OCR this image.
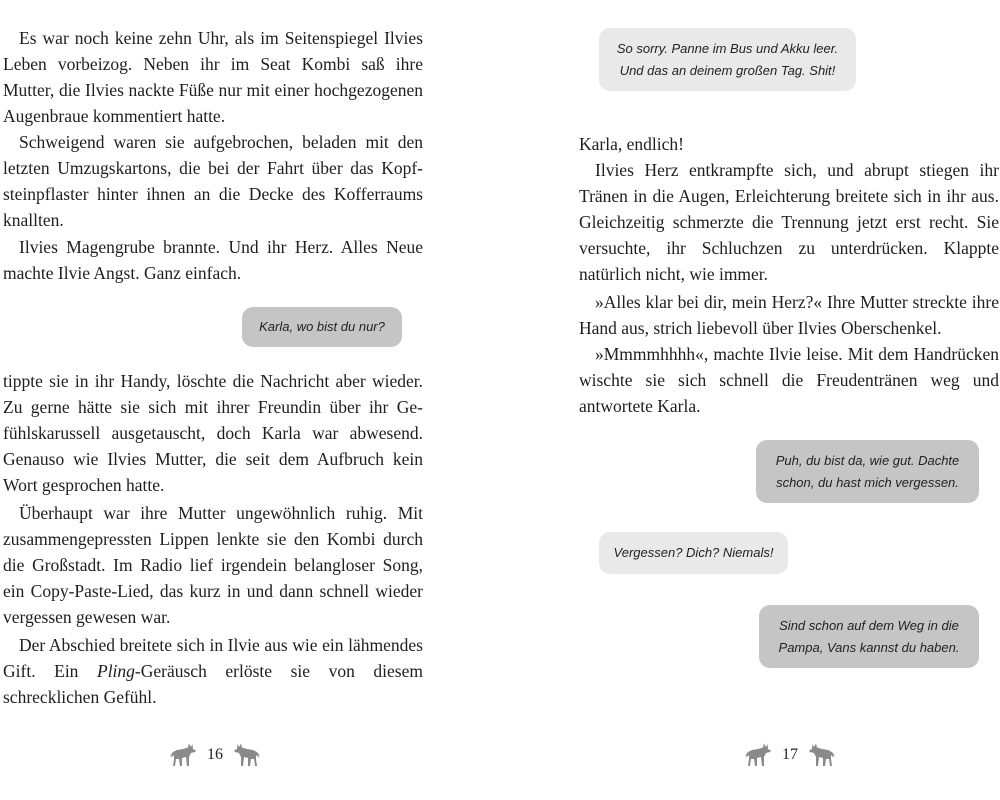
Es war noch keine zehn Uhr, als im Seitenspiegel Ilvies Leben vorbeizog. Neben ihr im Seat Kombi saß ihre Mutter, die Ilvies nackte Füße nur mit einer hochgezogenen Augenbraue kommentiert hatte.

Schweigend waren sie aufgebrochen, beladen mit den letzten Umzugskartons, die bei der Fahrt über das Kopfsteinpflaster hinter ihnen an die Decke des Kofferraums knallten.

Ilvies Magengrube brannte. Und ihr Herz. Alles Neue machte Ilvie Angst. Ganz einfach.

Karla, wo bist du nur?

tippte sie in ihr Handy, löschte die Nachricht aber wieder. Zu gerne hätte sie sich mit ihrer Freundin über ihr Gefühlskarussell ausgetauscht, doch Karla war abwesend. Genauso wie Ilvies Mutter, die seit dem Aufbruch kein Wort gesprochen hatte.

Überhaupt war ihre Mutter ungewöhnlich ruhig. Mit zusammengepressten Lippen lenkte sie den Kombi durch die Großstadt. Im Radio lief irgendein belangloser Song, ein Copy-Paste-Lied, das kurz in und dann schnell wieder vergessen gewesen war.

Der Abschied breitete sich in Ilvie aus wie ein lähmendes Gift. Ein Pling-Geräusch erlöste sie von diesem schrecklichen Gefühl.

16
So sorry. Panne im Bus und Akku leer.
Und das an deinem großen Tag. Shit!

Karla, endlich!

Ilvies Herz entkrampfte sich, und abrupt stiegen ihr Tränen in die Augen, Erleichterung breitete sich in ihr aus. Gleichzeitig schmerzte die Trennung jetzt erst recht. Sie versuchte, ihr Schluchzen zu unterdrücken. Klappte natürlich nicht, wie immer.

»Alles klar bei dir, mein Herz?« Ihre Mutter streckte ihre Hand aus, strich liebevoll über Ilvies Oberschenkel.

»Mmmmhhhh«, machte Ilvie leise. Mit dem Handrücken wischte sie sich schnell die Freudentränen weg und antwortete Karla.

Puh, du bist da, wie gut. Dachte
schon, du hast mich vergessen.
Vergessen? Dich? Niemals!
Sind schon auf dem Weg in die
Pampa, Vans kannst du haben.
17
